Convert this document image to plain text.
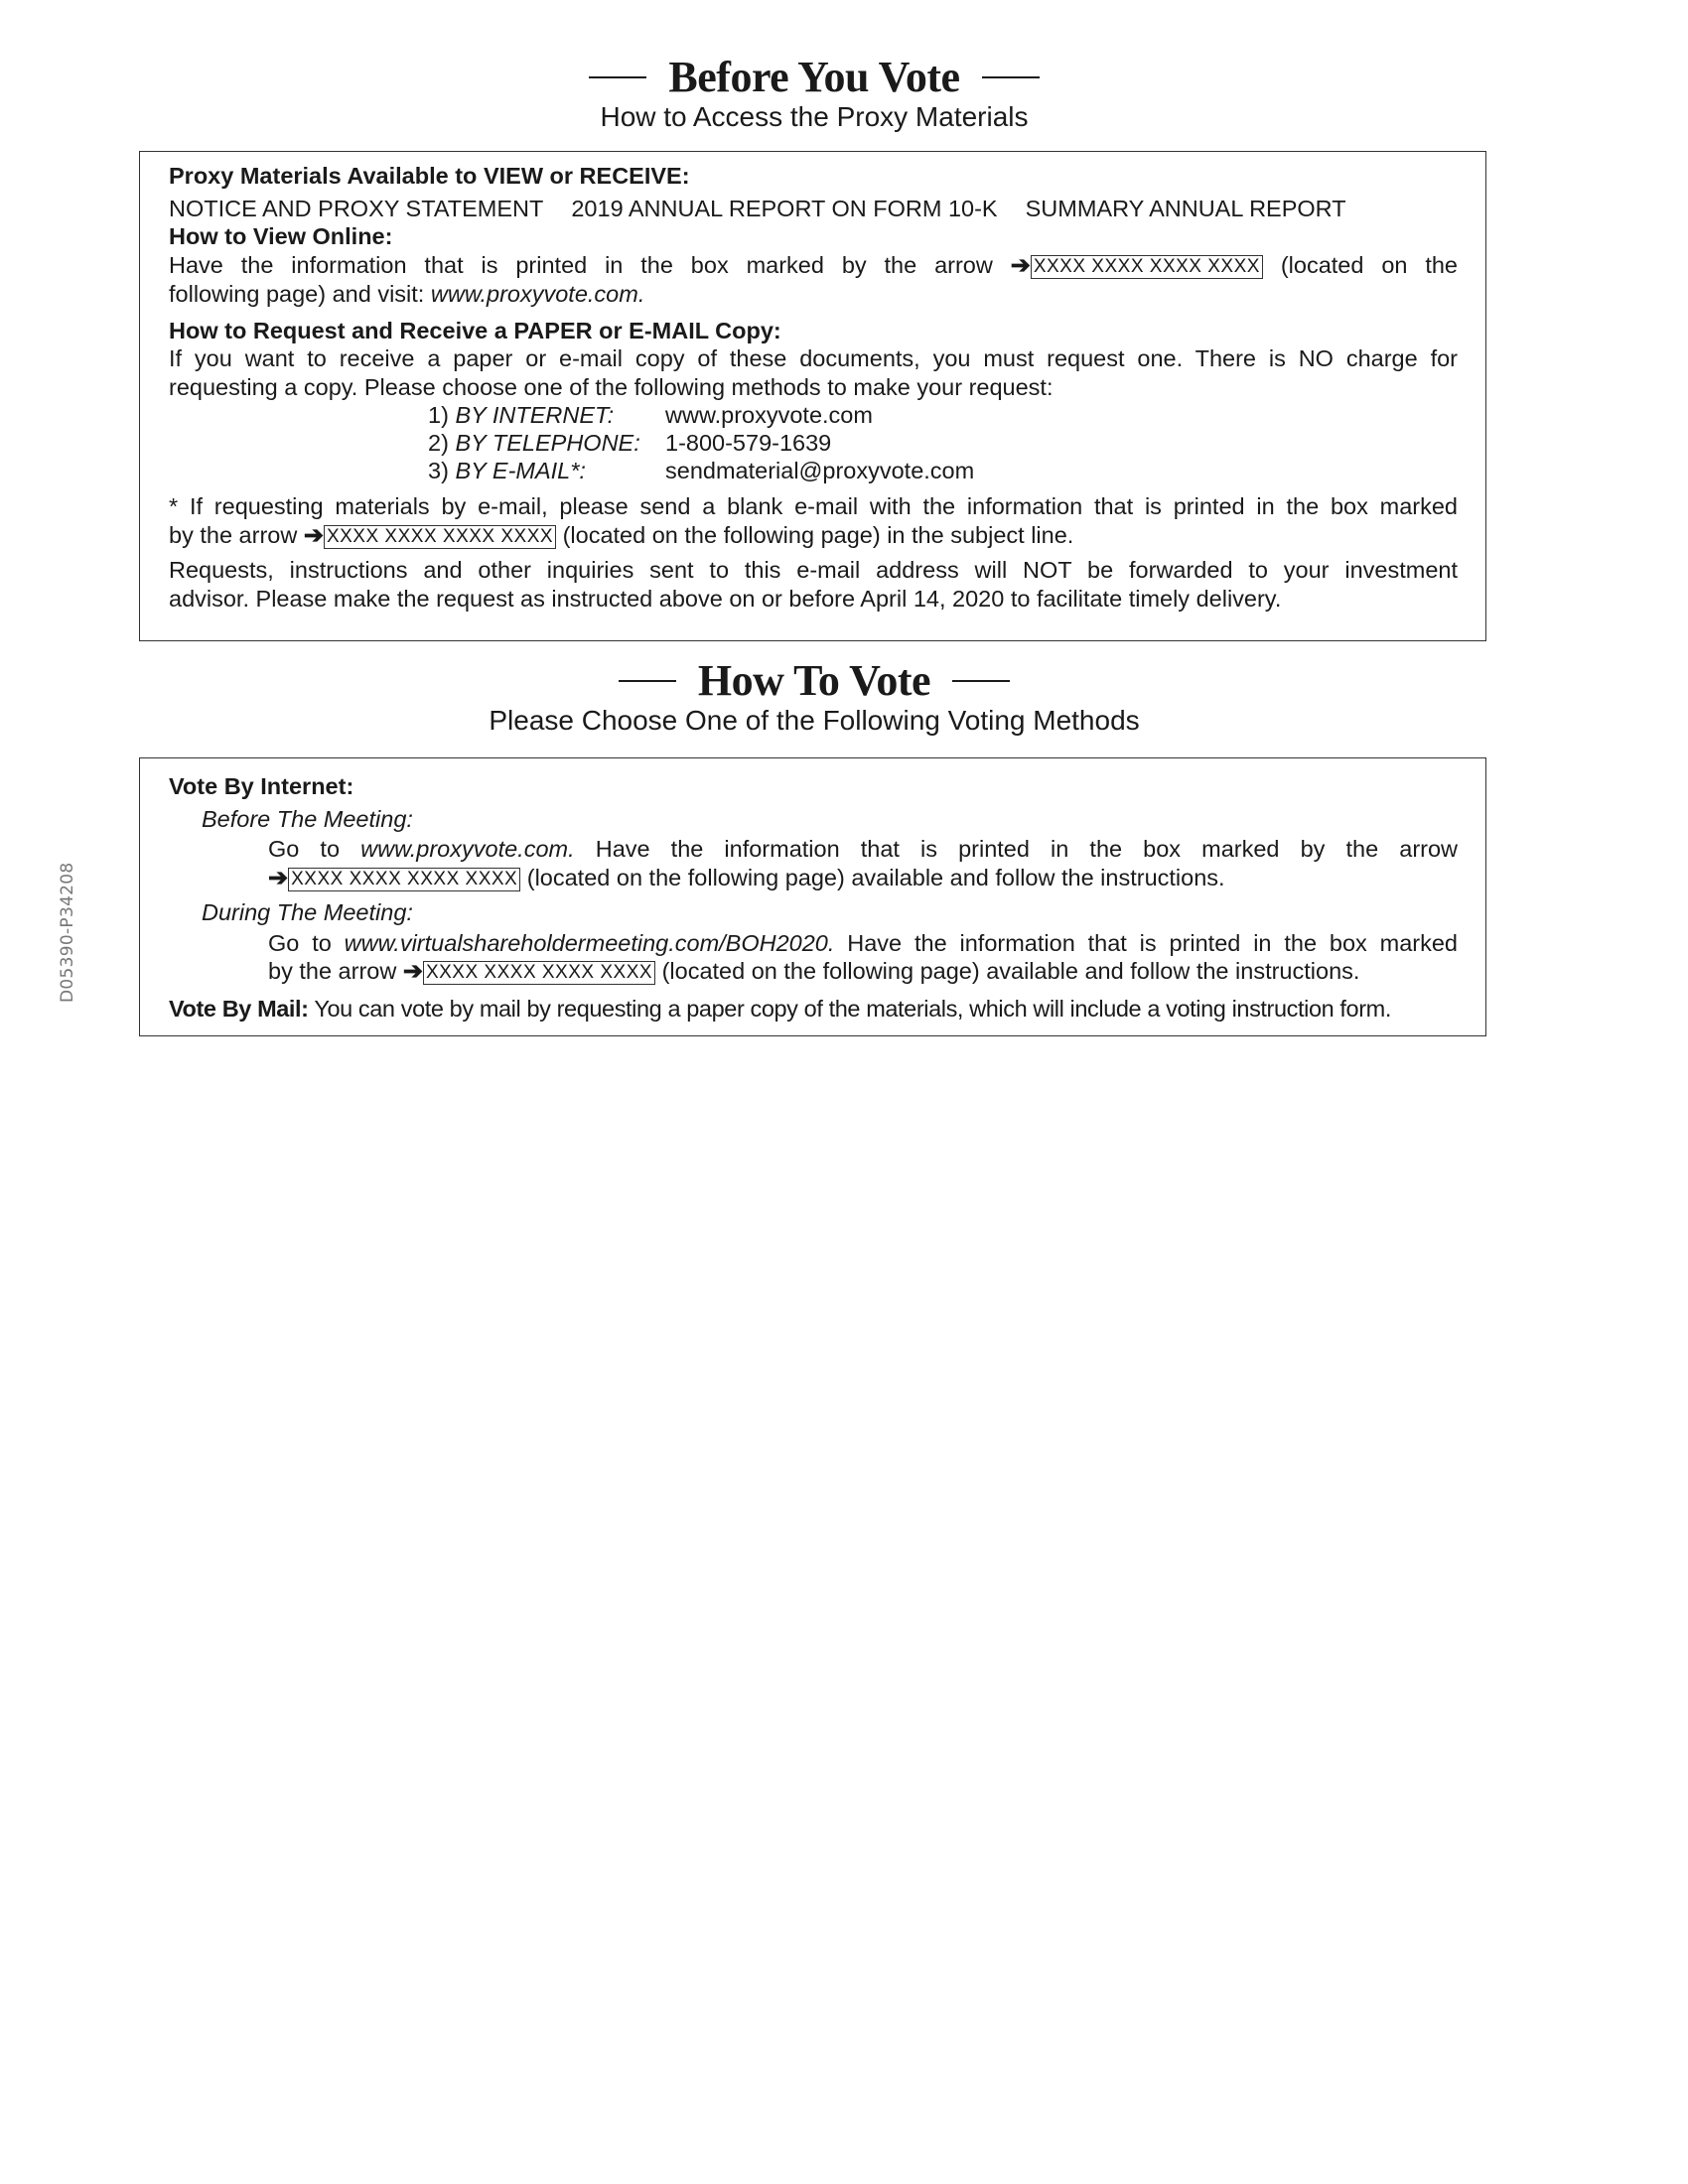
Before You Vote
How to Access the Proxy Materials
Proxy Materials Available to VIEW or RECEIVE:
NOTICE AND PROXY STATEMENT 2019 ANNUAL REPORT ON FORM 10-K SUMMARY ANNUAL REPORT
How to View Online:
Have the information that is printed in the box marked by the arrow ➔ XXXX XXXX XXXX XXXX (located on the
following page) and visit: www.proxyvote.com.
How to Request and Receive a PAPER or E-MAIL Copy:
If you want to receive a paper or e-mail copy of these documents, you must request one. There is NO charge for
requesting a copy. Please choose one of the following methods to make your request:
1) BY INTERNET:	www.proxyvote.com
2) BY TELEPHONE:	1-800-579-1639
3) BY E-MAIL*:	sendmaterial@proxyvote.com
* If requesting materials by e-mail, please send a blank e-mail with the information that is printed in the box marked
by the arrow ➔ XXXX XXXX XXXX XXXX (located on the following page) in the subject line.
Requests, instructions and other inquiries sent to this e-mail address will NOT be forwarded to your investment
advisor. Please make the request as instructed above on or before April 14, 2020 to facilitate timely delivery.
How To Vote
Please Choose One of the Following Voting Methods
Vote By Internet:
Before The Meeting:
Go to www.proxyvote.com. Have the information that is printed in the box marked by the arrow
➔ XXXX XXXX XXXX XXXX (located on the following page) available and follow the instructions.
During The Meeting:
Go to www.virtualshareholdermeeting.com/BOH2020. Have the information that is printed in the box marked
by the arrow ➔ XXXX XXXX XXXX XXXX (located on the following page) available and follow the instructions.
Vote By Mail: You can vote by mail by requesting a paper copy of the materials, which will include a voting instruction form.
D05390-P34208
